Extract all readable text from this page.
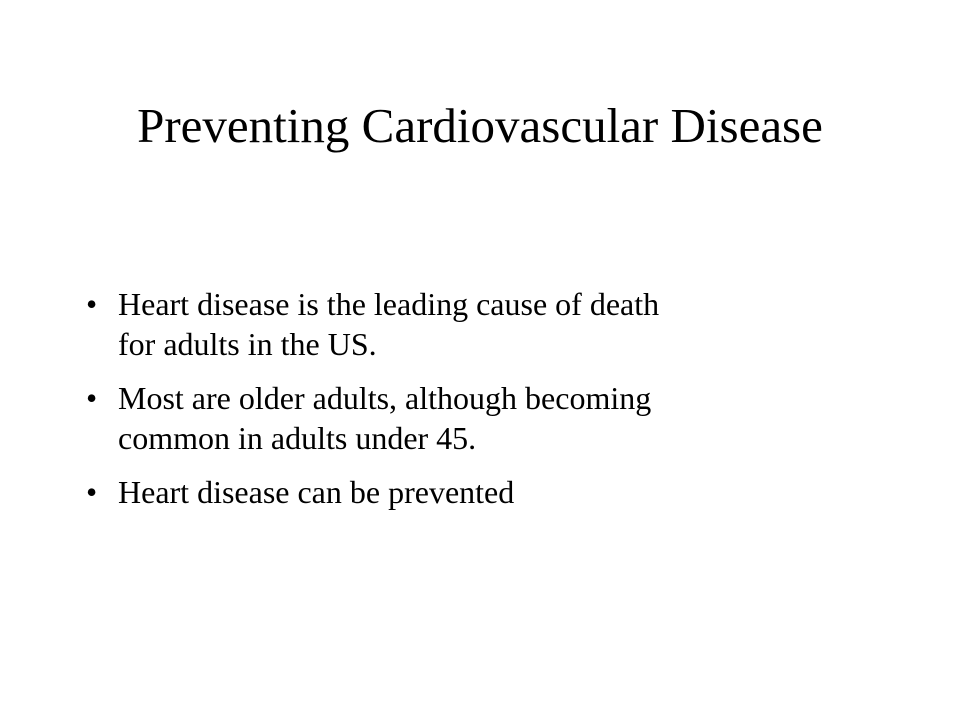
Preventing Cardiovascular Disease
• Heart disease is the leading cause of death
for adults in the US.
• Most are older adults, although becoming
common in adults under 45.
• Heart disease can be prevented
